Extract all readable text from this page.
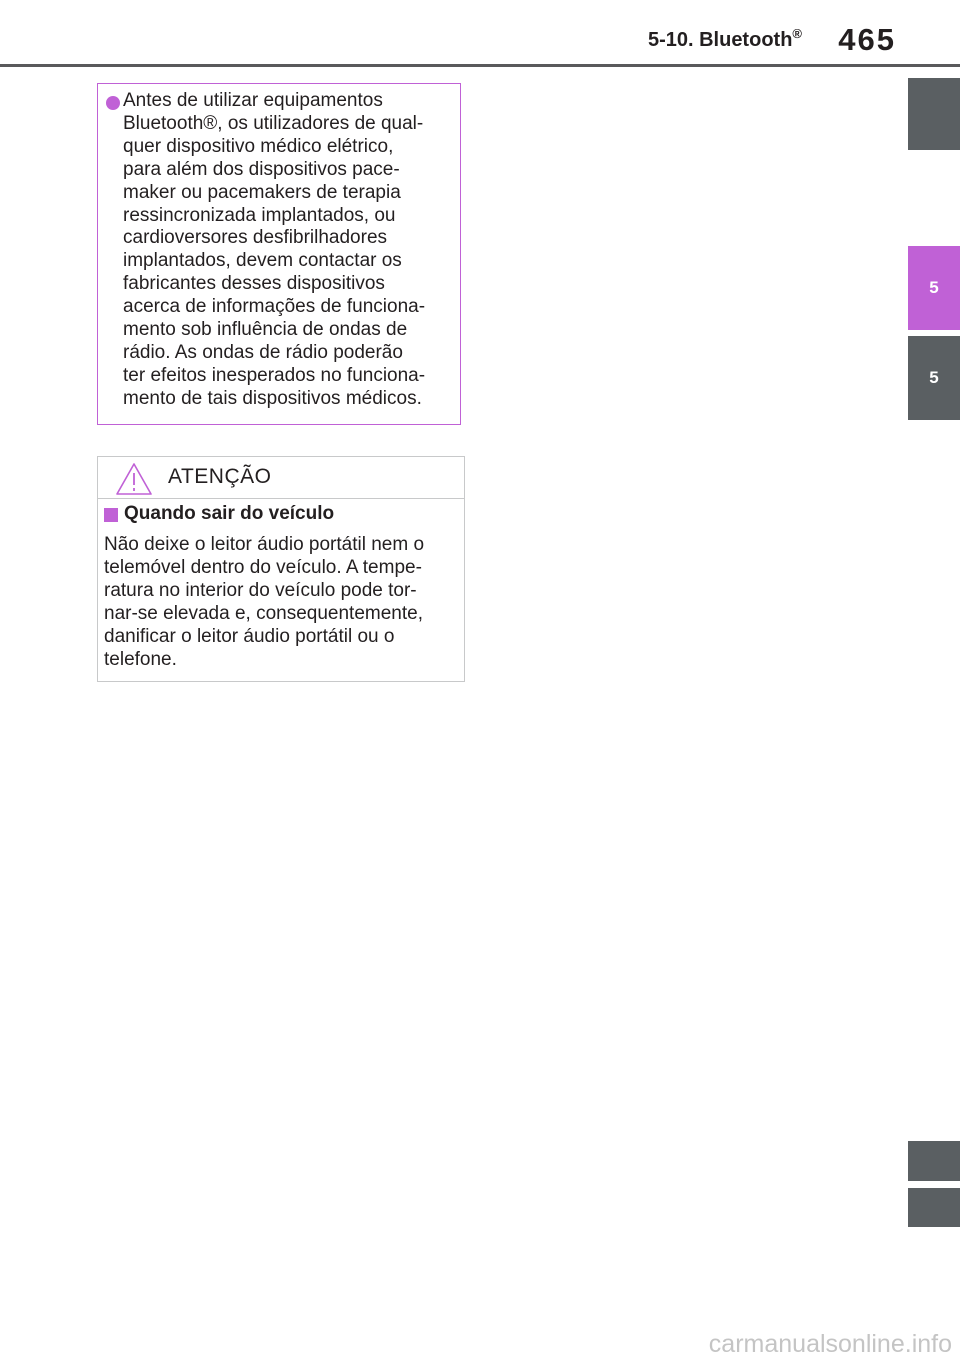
5-10. Bluetooth® 465
5
5
Antes de utilizar equipamentos
Bluetooth®, os utilizadores de qual-
quer dispositivo médico elétrico,
para além dos dispositivos pace-
maker ou pacemakers de terapia
ressincronizada implantados, ou
cardioversores desfibrilhadores
implantados, devem contactar os
fabricantes desses dispositivos
acerca de informações de funciona-
mento sob influência de ondas de
rádio. As ondas de rádio poderão
ter efeitos inesperados no funciona-
mento de tais dispositivos médicos.
ATENÇÃO
Quando sair do veículo
Não deixe o leitor áudio portátil nem o
telemóvel dentro do veículo. A tempe-
ratura no interior do veículo pode tor-
nar-se elevada e, consequentemente,
danificar o leitor áudio portátil ou o
telefone.
carmanualsonline.info
